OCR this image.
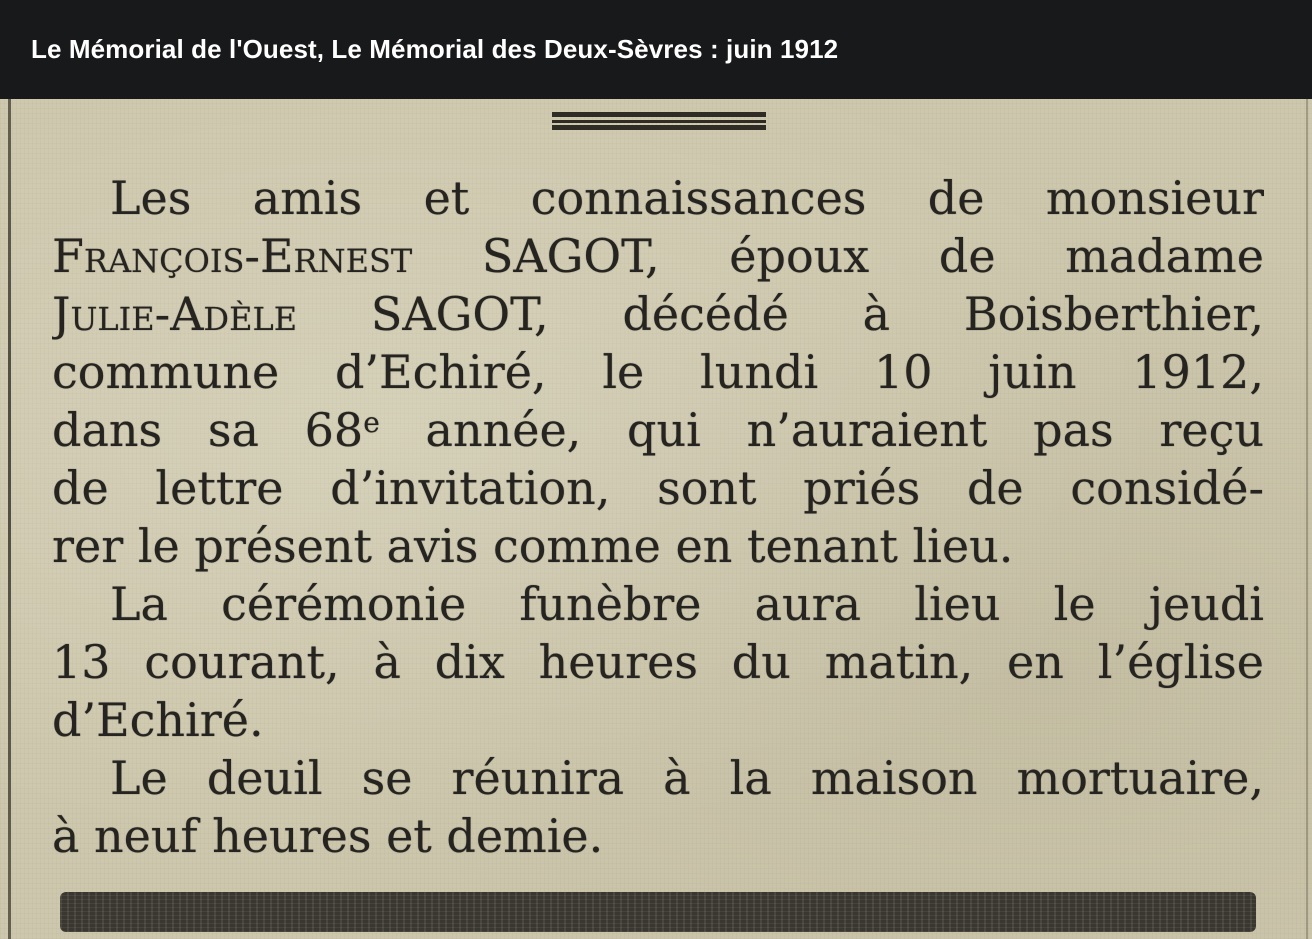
Le Mémorial de l'Ouest, Le Mémorial des Deux-Sèvres : juin 1912
Les amis et connaissances de monsieur
François-Ernest SAGOT, époux de madame
Julie-Adèle SAGOT, décédé à Boisberthier,
commune d’Echiré, le lundi 10 juin 1912,
dans sa 68e année, qui n’auraient pas reçu
de lettre d’invitation, sont priés de considé-
rer le présent avis comme en tenant lieu.
La cérémonie funèbre aura lieu le jeudi
13 courant, à dix heures du matin, en l’église
d’Echiré.
Le deuil se réunira à la maison mortuaire,
à neuf heures et demie.
